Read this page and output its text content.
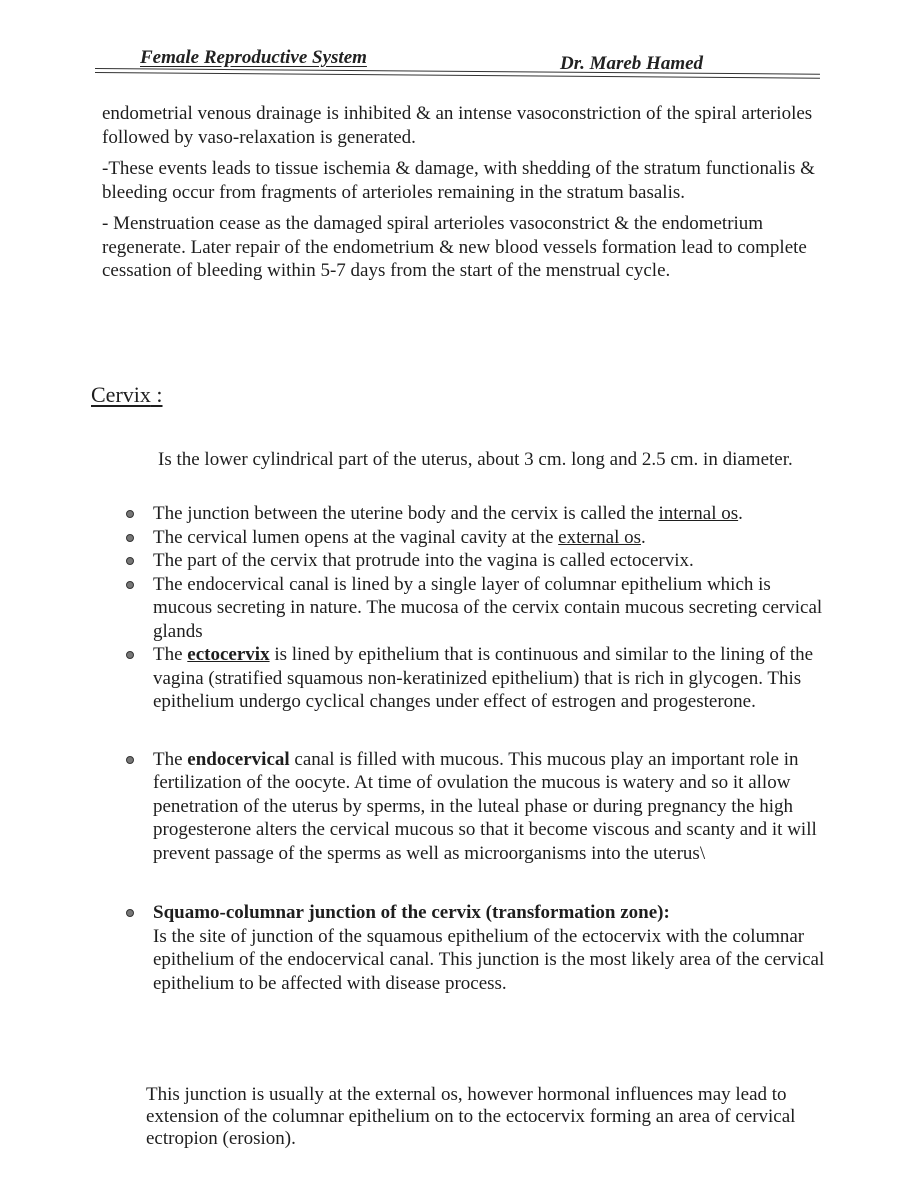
Female Reproductive System	Dr. Mareb Hamed

endometrial venous drainage is inhibited & an intense vasoconstriction of the spiral arterioles followed by vaso-relaxation is generated.

-These events leads to tissue ischemia & damage, with shedding of the stratum functionalis & bleeding occur from fragments of arterioles remaining in the stratum basalis.

- Menstruation cease as the damaged spiral arterioles vasoconstrict & the endometrium regenerate. Later repair of the endometrium & new blood vessels formation lead to complete cessation of bleeding within 5-7 days from the start of the menstrual cycle.

Cervix :
Is the lower cylindrical part of the uterus, about 3 cm. long and 2.5 cm. in diameter.
The junction between the uterine body and the cervix is called the internal os.
The cervical lumen opens at the vaginal cavity at the external os.
The part of the cervix that protrude into the vagina is called ectocervix.
The endocervical canal is lined by a single layer of columnar epithelium which is mucous secreting in nature. The mucosa of the cervix contain mucous secreting cervical glands
The ectocervix is lined by epithelium that is continuous and similar to the lining of the vagina (stratified squamous non-keratinized epithelium) that is rich in glycogen. This epithelium undergo cyclical changes under effect of estrogen and progesterone.
The endocervical canal is filled with mucous. This mucous play an important role in fertilization of the oocyte. At time of ovulation the mucous is watery and so it allow penetration of the uterus by sperms, in the luteal phase or during pregnancy the high progesterone alters the cervical mucous so that it become viscous and scanty and it will prevent passage of the sperms as well as microorganisms into the uterus\
Squamo-columnar junction of the cervix (transformation zone):
Is the site of junction of the squamous epithelium of the ectocervix with the columnar epithelium of the endocervical canal. This junction is the most likely area of the cervical epithelium to be affected with disease process.
This junction is usually at the external os, however hormonal influences may lead to extension of the columnar epithelium on to the ectocervix forming an area of cervical ectropion (erosion).
